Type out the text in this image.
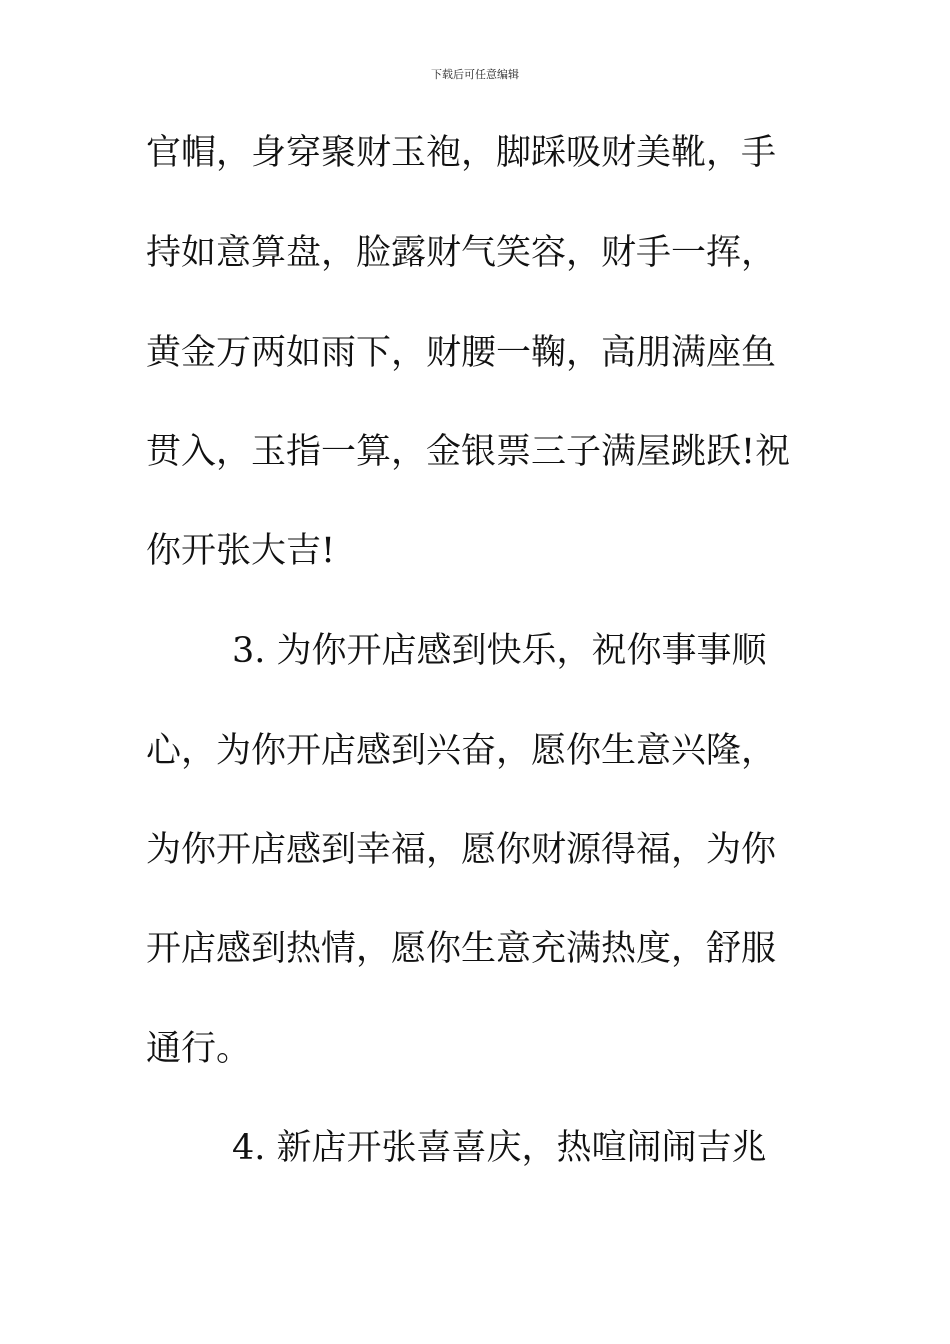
下载后可任意编辑
官帽，身穿聚财玉袍，脚踩吸财美靴，手
持如意算盘，脸露财气笑容，财手一挥，
黄金万两如雨下，财腰一鞠，高朋满座鱼
贯入，玉指一算，金银票三子满屋跳跃!祝
你开张大吉!
3. 为你开店感到快乐，祝你事事顺
心，为你开店感到兴奋，愿你生意兴隆，
为你开店感到幸福，愿你财源得福，为你
开店感到热情，愿你生意充满热度，舒服
通行。
4. 新店开张喜喜庆，热喧闹闹吉兆
